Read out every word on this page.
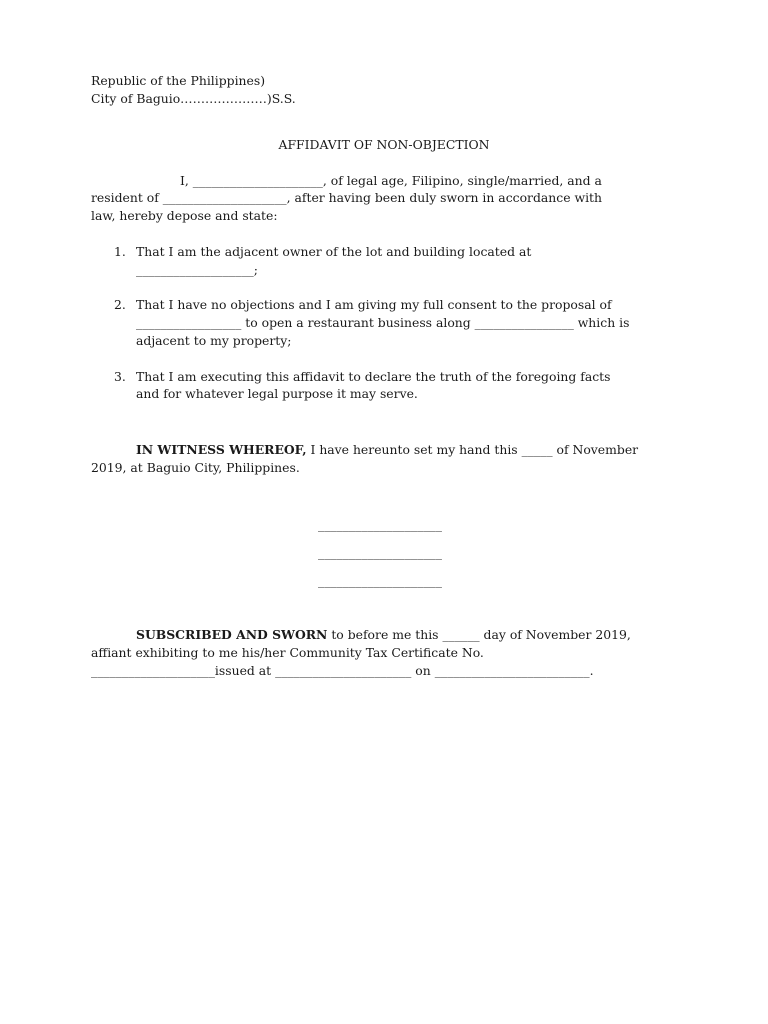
Republic of the Philippines)
City of Baguio…………………)S.S.
AFFIDAVIT OF NON-OBJECTION
I, _____________________, of legal age, Filipino, single/married, and a
resident of ____________________, after having been duly sworn in accordance with
law, hereby depose and state:
1. That I am the adjacent owner of the lot and building located at
___________________;
2. That I have no objections and I am giving my full consent to the proposal of
_________________ to open a restaurant business along ________________ which is
adjacent to my property;
3. That I am executing this affidavit to declare the truth of the foregoing facts
and for whatever legal purpose it may serve.
IN WITNESS WHEREOF, I have hereunto set my hand this _____ of November
2019, at Baguio City, Philippines.
____________________
____________________
____________________
SUBSCRIBED AND SWORN to before me this ______ day of November 2019,
affiant exhibiting to me his/her Community Tax Certificate No.
____________________issued at ______________________ on _________________________.
